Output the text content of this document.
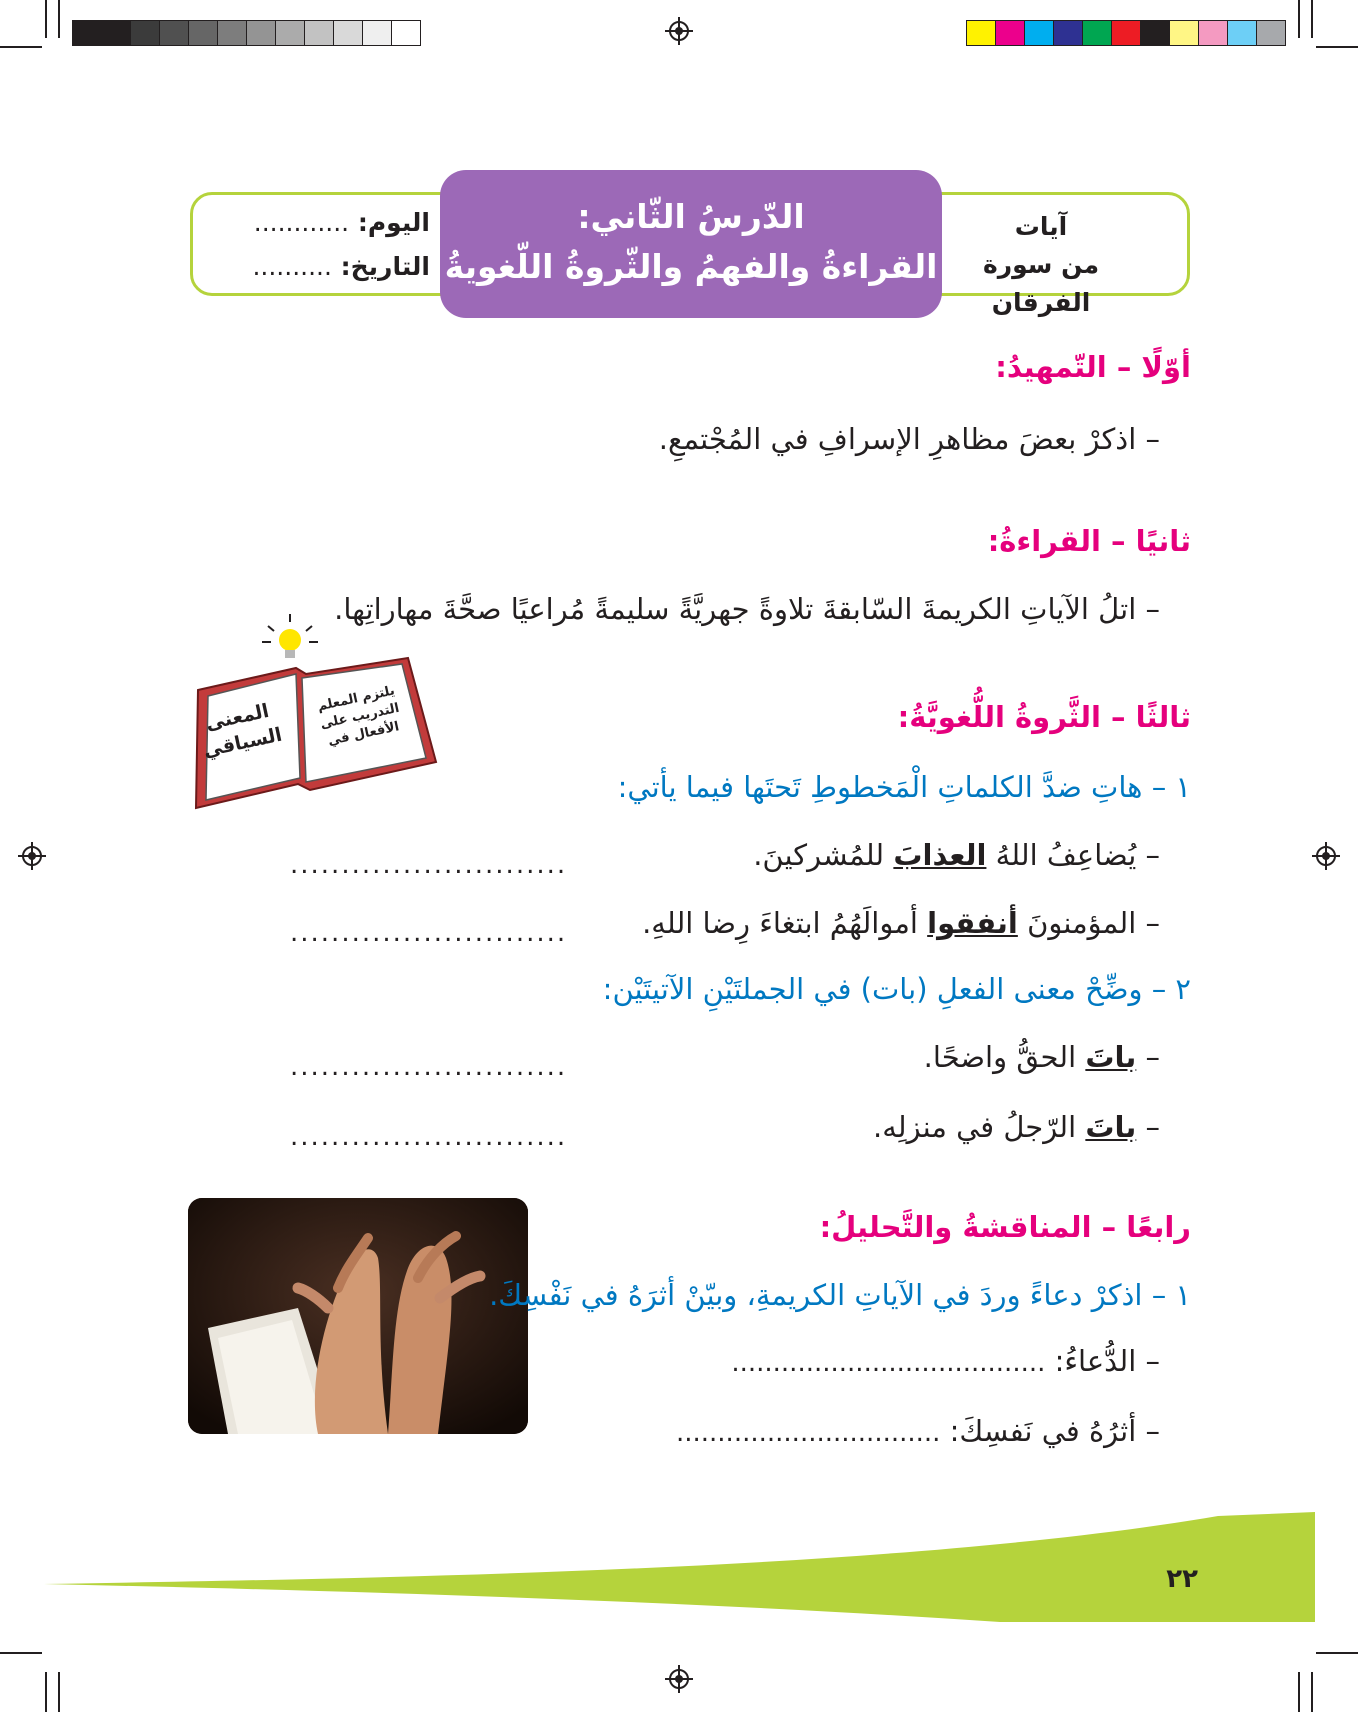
آيات
من سورة الفرقان
الدّرسُ الثّاني:
القراءةُ والفهمُ والثّروةُ اللّغويةُ
اليوم: ............
التاريخ: ..........
أوّلًا – التّمهيدُ:
– اذكرْ بعضَ مظاهرِ الإسرافِ في المُجْتمعِ.
ثانيًا – القراءةُ:
– اتلُ الآياتِ الكريمةَ السّابقةَ تلاوةً جهريَّةً سليمةً مُراعيًا صحَّةَ مهاراتِها.
المعنى السياقي
يلتزم المعلم التدريب على الأفعال في
ثالثًا – الثَّروةُ اللُّغويَّةُ:
١ – هاتِ ضدَّ الكلماتِ الْمَخطوطِ تَحتَها فيما يأتي:
– يُضاعِفُ اللهُ العذابَ للمُشركينَ.
...........................
– المؤمنونَ أنفقوا أموالَهُمُ ابتغاءَ رِضا اللهِ.
...........................
٢ – وضِّحْ معنى الفعلِ (بات) في الجملتَيْنِ الآتيتَيْن:
– باتَ الحقُّ واضحًا.
...........................
– باتَ الرّجلُ في منزلِه.
...........................
رابعًا – المناقشةُ والتَّحليلُ:
١ – اذكرْ دعاءً وردَ في الآياتِ الكريمةِ، وبيّنْ أثرَهُ في نَفْسِكَ.
– الدُّعاءُ: ......................................
– أثرُهُ في نَفسِكَ: ................................
٢٢
